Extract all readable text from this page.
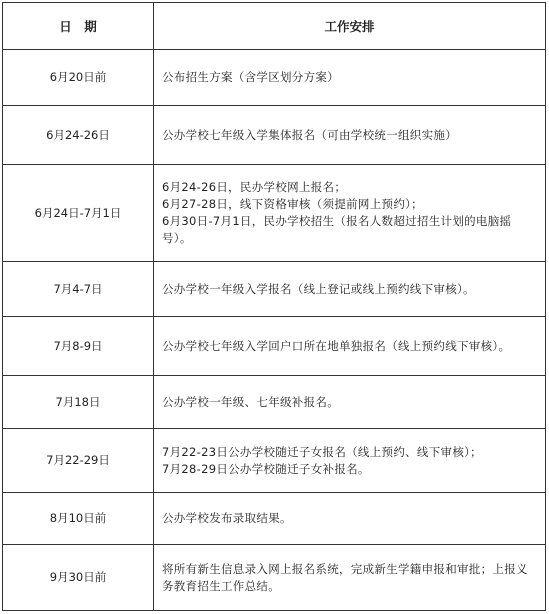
日　期	工作安排
6月20日前	公布招生方案（含学区划分方案）

6月24-26日	公办学校七年级入学集体报名（可由学校统一组织实施）

6月24日-7月1日	6月24-26日，民办学校网上报名；
6月27-28日，线下资格审核（须提前网上预约）；
6月30日-7月1日，民办学校招生（报名人数超过招生计划的电脑摇号）。

7月4-7日	公办学校一年级入学报名（线上登记或线上预约线下审核）。

7月8-9日	公办学校七年级入学回户口所在地单独报名（线上预约线下审核）。

7月18日	公办学校一年级、七年级补报名。

7月22-29日	7月22-23日公办学校随迁子女报名（线上预约、线下审核）；
7月28-29日公办学校随迁子女补报名。

8月10日前	公办学校发布录取结果。

9月30日前	将所有新生信息录入网上报名系统，完成新生学籍申报和审批；上报义务教育招生工作总结。
